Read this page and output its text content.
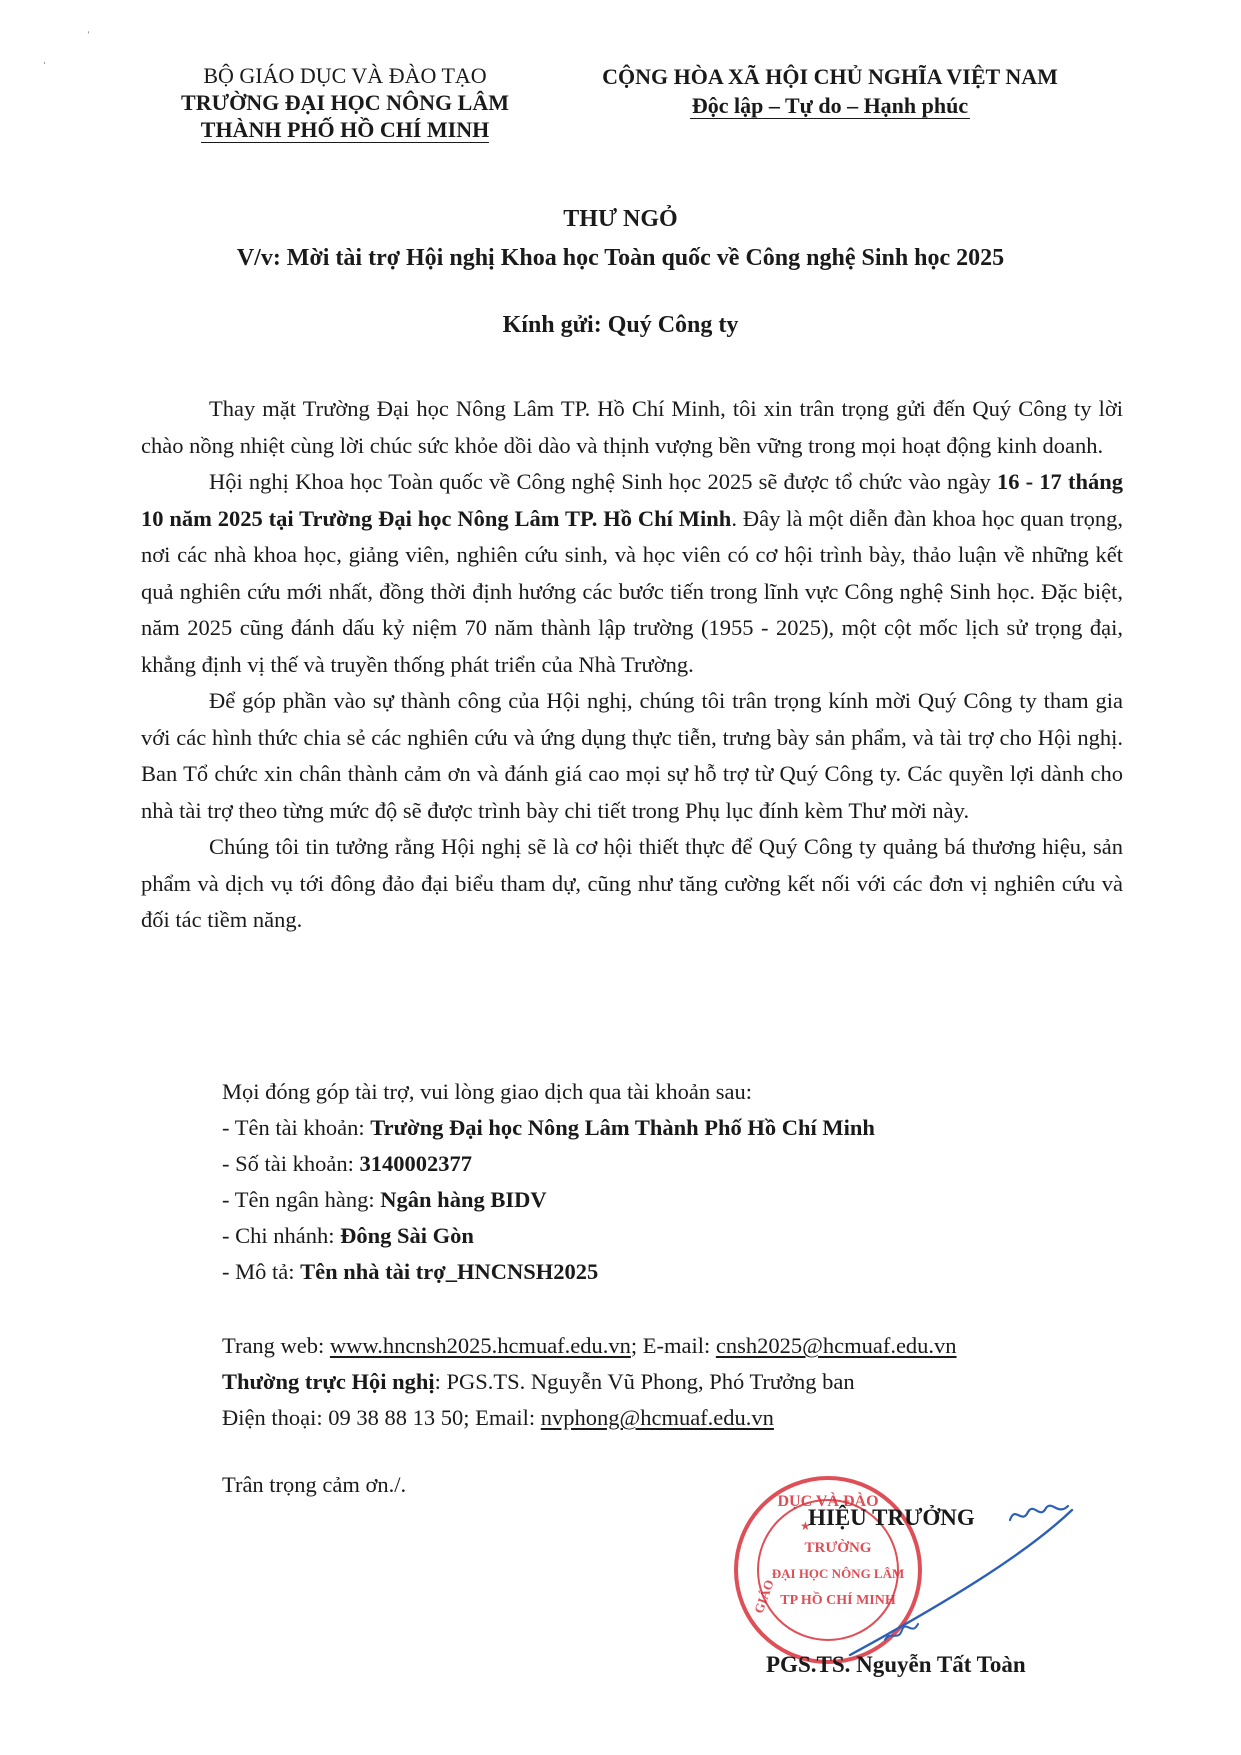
ˈ
ˌ
BỘ GIÁO DỤC VÀ ĐÀO TẠO
TRƯỜNG ĐẠI HỌC NÔNG LÂM
THÀNH PHỐ HỒ CHÍ MINH
CỘNG HÒA XÃ HỘI CHỦ NGHĨA VIỆT NAM
Độc lập – Tự do – Hạnh phúc
THƯ NGỎ
V/v: Mời tài trợ Hội nghị Khoa học Toàn quốc về Công nghệ Sinh học 2025
Kính gửi: Quý Công ty

Thay mặt Trường Đại học Nông Lâm TP. Hồ Chí Minh, tôi xin trân trọng gửi đến Quý Công ty lời chào nồng nhiệt cùng lời chúc sức khỏe dồi dào và thịnh vượng bền vững trong mọi hoạt động kinh doanh.

Hội nghị Khoa học Toàn quốc về Công nghệ Sinh học 2025 sẽ được tổ chức vào ngày 16 - 17 tháng 10 năm 2025 tại Trường Đại học Nông Lâm TP. Hồ Chí Minh. Đây là một diễn đàn khoa học quan trọng, nơi các nhà khoa học, giảng viên, nghiên cứu sinh, và học viên có cơ hội trình bày, thảo luận về những kết quả nghiên cứu mới nhất, đồng thời định hướng các bước tiến trong lĩnh vực Công nghệ Sinh học. Đặc biệt, năm 2025 cũng đánh dấu kỷ niệm 70 năm thành lập trường (1955 - 2025), một cột mốc lịch sử trọng đại, khẳng định vị thế và truyền thống phát triển của Nhà Trường.

Để góp phần vào sự thành công của Hội nghị, chúng tôi trân trọng kính mời Quý Công ty tham gia với các hình thức chia sẻ các nghiên cứu và ứng dụng thực tiễn, trưng bày sản phẩm, và tài trợ cho Hội nghị. Ban Tổ chức xin chân thành cảm ơn và đánh giá cao mọi sự hỗ trợ từ Quý Công ty. Các quyền lợi dành cho nhà tài trợ theo từng mức độ sẽ được trình bày chi tiết trong Phụ lục đính kèm Thư mời này.

Chúng tôi tin tưởng rằng Hội nghị sẽ là cơ hội thiết thực để Quý Công ty quảng bá thương hiệu, sản phẩm và dịch vụ tới đông đảo đại biểu tham dự, cũng như tăng cường kết nối với các đơn vị nghiên cứu và đối tác tiềm năng.

Mọi đóng góp tài trợ, vui lòng giao dịch qua tài khoản sau:
- Tên tài khoản: Trường Đại học Nông Lâm Thành Phố Hồ Chí Minh
- Số tài khoản: 3140002377
- Tên ngân hàng: Ngân hàng BIDV
- Chi nhánh: Đông Sài Gòn
- Mô tả: Tên nhà tài trợ_HNCNSH2025
Trang web: www.hncnsh2025.hcmuaf.edu.vn; E-mail: cnsh2025@hcmuaf.edu.vn
Thường trực Hội nghị: PGS.TS. Nguyễn Vũ Phong, Phó Trưởng ban
Điện thoại: 09 38 88 13 50; Email: nvphong@hcmuaf.edu.vn
Trân trọng cảm ơn./.
DỤC VÀ ĐÀO
GIÁO
TRƯỜNG
ĐẠI HỌC NÔNG LÂM
TP HỒ CHÍ MINH
★
HIỆU TRƯỞNG
PGS.TS. Nguyễn Tất Toàn
